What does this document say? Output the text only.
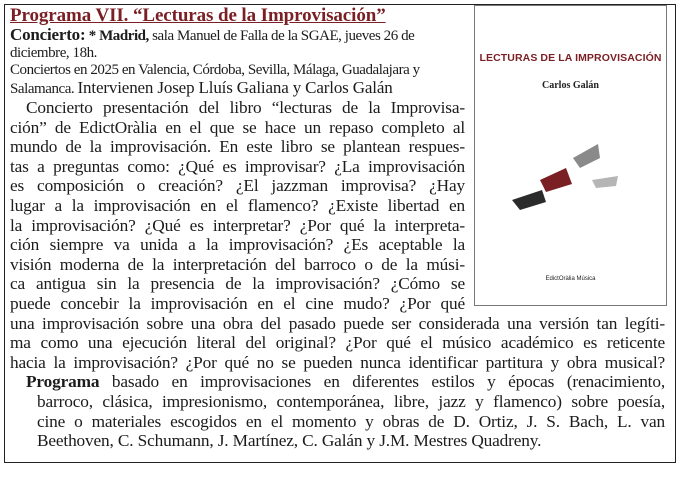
Programa VII. “Lecturas de la Improvisación”

Concierto: * Madrid, sala Manuel de Falla de la SGAE, jueves 26 de diciembre, 18h.

Conciertos en 2025 en Valencia, Córdoba, Sevilla, Málaga, Guadalajara y Salamanca. Intervienen Josep Lluís Galiana y Carlos Galán

Concierto presentación del libro “lecturas de la Improvisa-
ción” de EdictOràlia en el que se hace un repaso completo al
mundo de la improvisación. En este libro se plantean respues-
tas a preguntas como: ¿Qué es improvisar? ¿La improvisación
es composición o creación? ¿El jazzman improvisa? ¿Hay
lugar a la improvisación en el flamenco? ¿Existe libertad en
la improvisación? ¿Qué es interpretar? ¿Por qué la interpreta-
ción siempre va unida a la improvisación? ¿Es aceptable la
visión moderna de la interpretación del barroco o de la músi-
ca antigua sin la presencia de la improvisación? ¿Cómo se
puede concebir la improvisación en el cine mudo? ¿Por qué
una improvisación sobre una obra del pasado puede ser considerada una versión tan legíti-
ma como una ejecución literal del original? ¿Por qué el músico académico es reticente
hacia la improvisación? ¿Por qué no se pueden nunca identificar partitura y obra musical?
Programa basado en improvisaciones en diferentes estilos y épocas (renacimiento,
barroco, clásica, impresionismo, contemporánea, libre, jazz y flamenco) sobre poesía,
cine o materiales escogidos en el momento y obras de D. Ortiz, J. S. Bach, L. van
Beethoven, C. Schumann, J. Martínez, C. Galán y J.M. Mestres Quadreny.
LECTURAS DE LA IMPROVISACIÓN
Carlos Galán
EdictOràlia Música
